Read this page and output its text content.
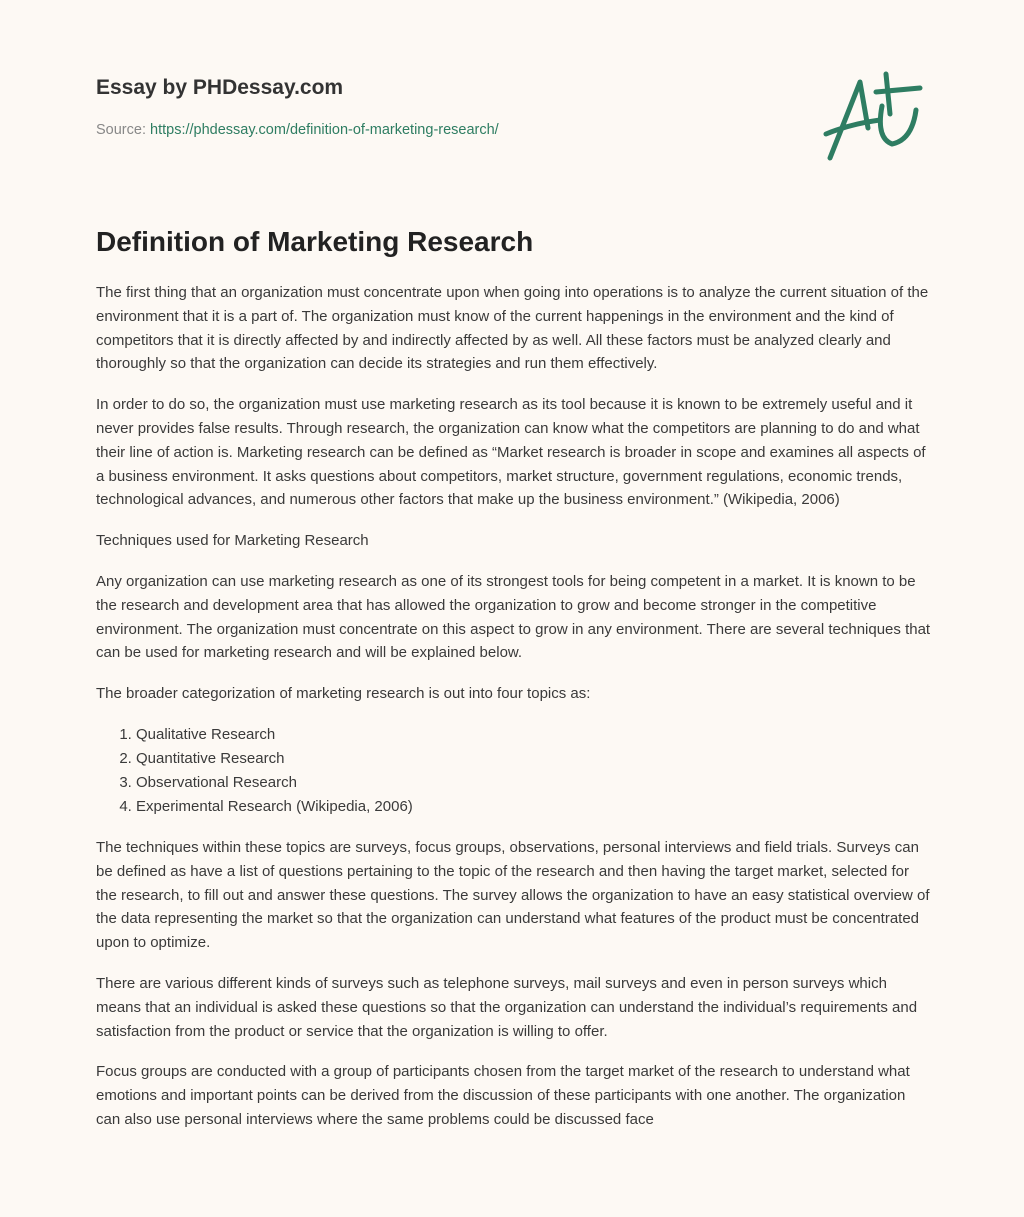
Essay by PHDessay.com
Source: https://phdessay.com/definition-of-marketing-research/
Definition of Marketing Research

The first thing that an organization must concentrate upon when going into operations is to analyze the current situation of the environment that it is a part of. The organization must know of the current happenings in the environment and the kind of competitors that it is directly affected by and indirectly affected by as well. All these factors must be analyzed clearly and thoroughly so that the organization can decide its strategies and run them effectively.

In order to do so, the organization must use marketing research as its tool because it is known to be extremely useful and it never provides false results. Through research, the organization can know what the competitors are planning to do and what their line of action is. Marketing research can be defined as “Market research is broader in scope and examines all aspects of a business environment. It asks questions about competitors, market structure, government regulations, economic trends, technological advances, and numerous other factors that make up the business environment.” (Wikipedia, 2006)

Techniques used for Marketing Research

Any organization can use marketing research as one of its strongest tools for being competent in a market. It is known to be the research and development area that has allowed the organization to grow and become stronger in the competitive environment. The organization must concentrate on this aspect to grow in any environment. There are several techniques that can be used for marketing research and will be explained below.

The broader categorization of marketing research is out into four topics as:

1. Qualitative Research
2. Quantitative Research
3. Observational Research
4. Experimental Research (Wikipedia, 2006)

The techniques within these topics are surveys, focus groups, observations, personal interviews and field trials. Surveys can be defined as have a list of questions pertaining to the topic of the research and then having the target market, selected for the research, to fill out and answer these questions. The survey allows the organization to have an easy statistical overview of the data representing the market so that the organization can understand what features of the product must be concentrated upon to optimize.

There are various different kinds of surveys such as telephone surveys, mail surveys and even in person surveys which means that an individual is asked these questions so that the organization can understand the individual’s requirements and satisfaction from the product or service that the organization is willing to offer.

Focus groups are conducted with a group of participants chosen from the target market of the research to understand what emotions and important points can be derived from the discussion of these participants with one another. The organization can also use personal interviews where the same problems could be discussed face
